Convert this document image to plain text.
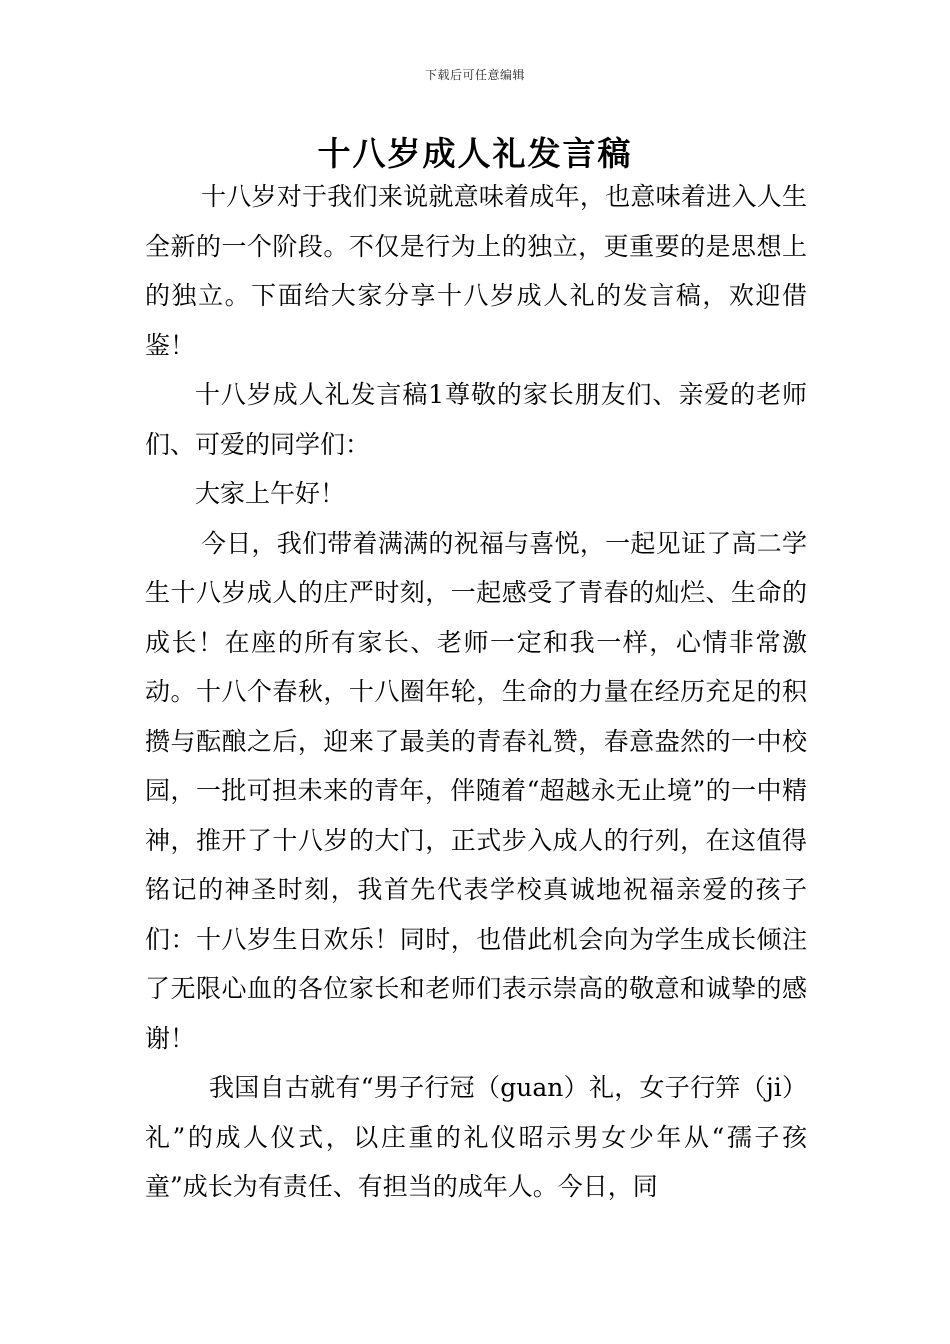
下载后可任意编辑
十八岁成人礼发言稿

十八岁对于我们来说就意味着成年，也意味着进入人生全新的一个阶段。不仅是行为上的独立，更重要的是思想上的独立。下面给大家分享十八岁成人礼的发言稿，欢迎借鉴！

十八岁成人礼发言稿1尊敬的家长朋友们、亲爱的老师们、可爱的同学们：

大家上午好！

今日，我们带着满满的祝福与喜悦，一起见证了高二学生十八岁成人的庄严时刻，一起感受了青春的灿烂、生命的成长！在座的所有家长、老师一定和我一样，心情非常激动。十八个春秋，十八圈年轮，生命的力量在经历充足的积攒与酝酿之后，迎来了最美的青春礼赞，春意盎然的一中校园，一批可担未来的青年，伴随着“超越永无止境”的一中精神，推开了十八岁的大门，正式步入成人的行列，在这值得铭记的神圣时刻，我首先代表学校真诚地祝福亲爱的孩子们：十八岁生日欢乐！同时，也借此机会向为学生成长倾注了无限心血的各位家长和老师们表示崇高的敬意和诚挚的感谢！

我国自古就有“男子行冠（guan）礼，女子行笄（ji）礼”的成人仪式，以庄重的礼仪昭示男女少年从“孺子孩童”成长为有责任、有担当的成年人。今日，同
